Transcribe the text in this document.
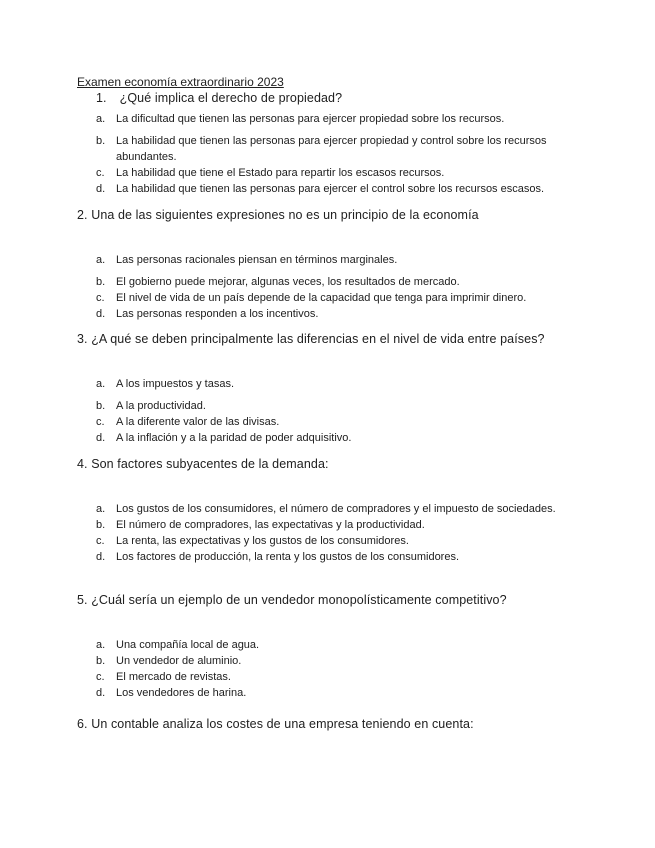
Examen economía extraordinario 2023
1. ¿Qué implica el derecho de propiedad?
a. La dificultad que tienen las personas para ejercer propiedad sobre los recursos.
b. La habilidad que tienen las personas para ejercer propiedad y control sobre los recursos abundantes.
c.	La habilidad que tiene el Estado para repartir los escasos recursos.
d. La habilidad que tienen las personas para ejercer el control sobre los recursos escasos.
2. Una de las siguientes expresiones no es un principio de la economía
a. Las personas racionales piensan en términos marginales.
b. El gobierno puede mejorar, algunas veces, los resultados de mercado.
c.	El nivel de vida de un país depende de la capacidad que tenga para imprimir dinero.
d. Las personas responden a los incentivos.
3. ¿A qué se deben principalmente las diferencias en el nivel de vida entre países?
a. A los impuestos y tasas.
b. A la productividad.
c.	A la diferente valor de las divisas.
d. A la inflación y a la paridad de poder adquisitivo.
4. Son factores subyacentes de la demanda:
a. Los gustos de los consumidores, el número de compradores y el impuesto de sociedades.
b. El número de compradores, las expectativas y la productividad.
c.	La renta, las expectativas y los gustos de los consumidores.
d. Los factores de producción, la renta y los gustos de los consumidores.
5. ¿Cuál sería un ejemplo de un vendedor monopolísticamente competitivo?
a. Una compañía local de agua.
b. Un vendedor de aluminio.
c.	El mercado de revistas.
d. Los vendedores de harina.
6. Un contable analiza los costes de una empresa teniendo en cuenta:
